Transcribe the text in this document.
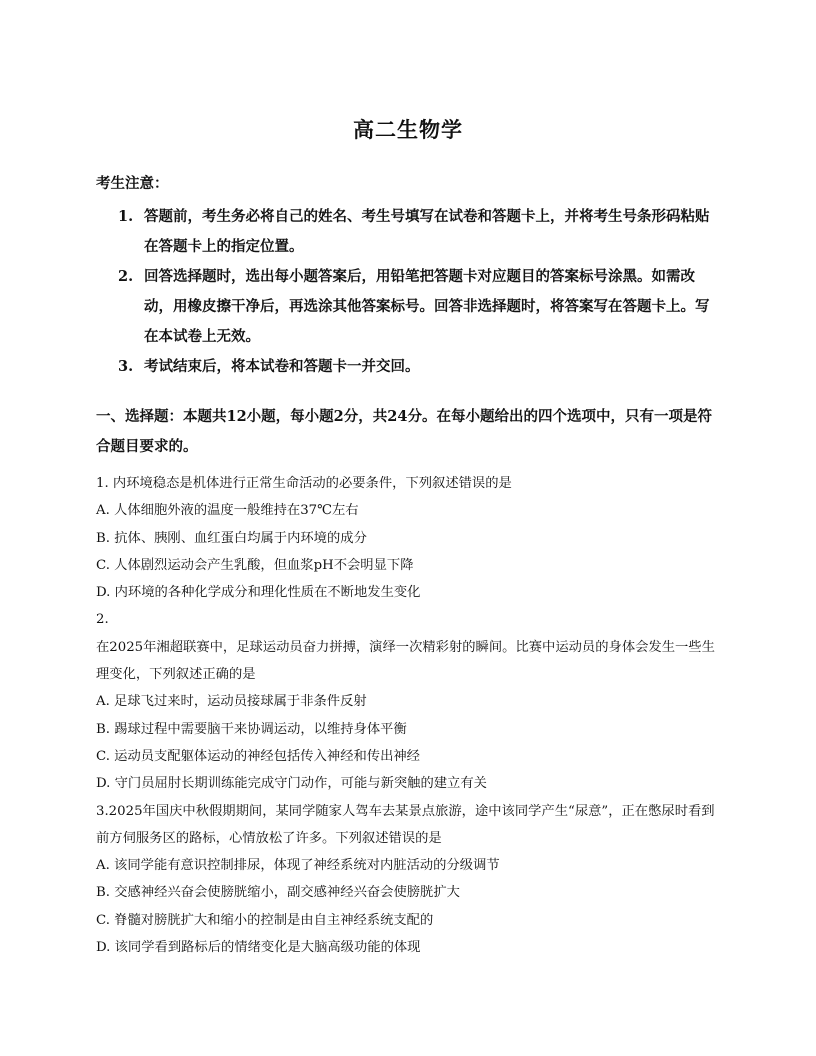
高二生物学
考生注意：
1. 答题前，考生务必将自己的姓名、考生号填写在试卷和答题卡上，并将考生号条形码粘贴在答题卡上的指定位置。
2. 回答选择题时，选出每小题答案后，用铅笔把答题卡对应题目的答案标号涂黑。如需改动，用橡皮擦干净后，再选涂其他答案标号。回答非选择题时，将答案写在答题卡上。写在本试卷上无效。
3. 考试结束后，将本试卷和答题卡一并交回。
一、选择题：本题共12小题，每小题2分，共24分。在每小题给出的四个选项中，只有一项是符合题目要求的。
1. 内环境稳态是机体进行正常生命活动的必要条件，下列叙述错误的是
A. 人体细胞外液的温度一般维持在37℃左右
B. 抗体、胰刚、血红蛋白均属于内环境的成分
C. 人体剧烈运动会产生乳酸，但血浆pH不会明显下降
D. 内环境的各种化学成分和理化性质在不断地发生变化
2.
在2025年湘超联赛中，足球运动员奋力拼搏，演绎一次精彩射的瞬间。比赛中运动员的身体会发生一些生理变化，下列叙述正确的是
A. 足球飞过来时，运动员接球属于非条件反射
B. 踢球过程中需要脑干来协调运动，以维持身体平衡
C. 运动员支配躯体运动的神经包括传入神经和传出神经
D. 守门员屈肘长期训练能完成守门动作，可能与新突触的建立有关
3.2025年国庆中秋假期期间，某同学随家人驾车去某景点旅游，途中该同学产生“尿意”，正在憋尿时看到前方伺服务区的路标，心情放松了许多。下列叙述错误的是
A. 该同学能有意识控制排尿，体现了神经系统对内脏活动的分级调节
B. 交感神经兴奋会使膀胱缩小，副交感神经兴奋会使膀胱扩大
C. 脊髓对膀胱扩大和缩小的控制是由自主神经系统支配的
D. 该同学看到路标后的情绪变化是大脑高级功能的体现
